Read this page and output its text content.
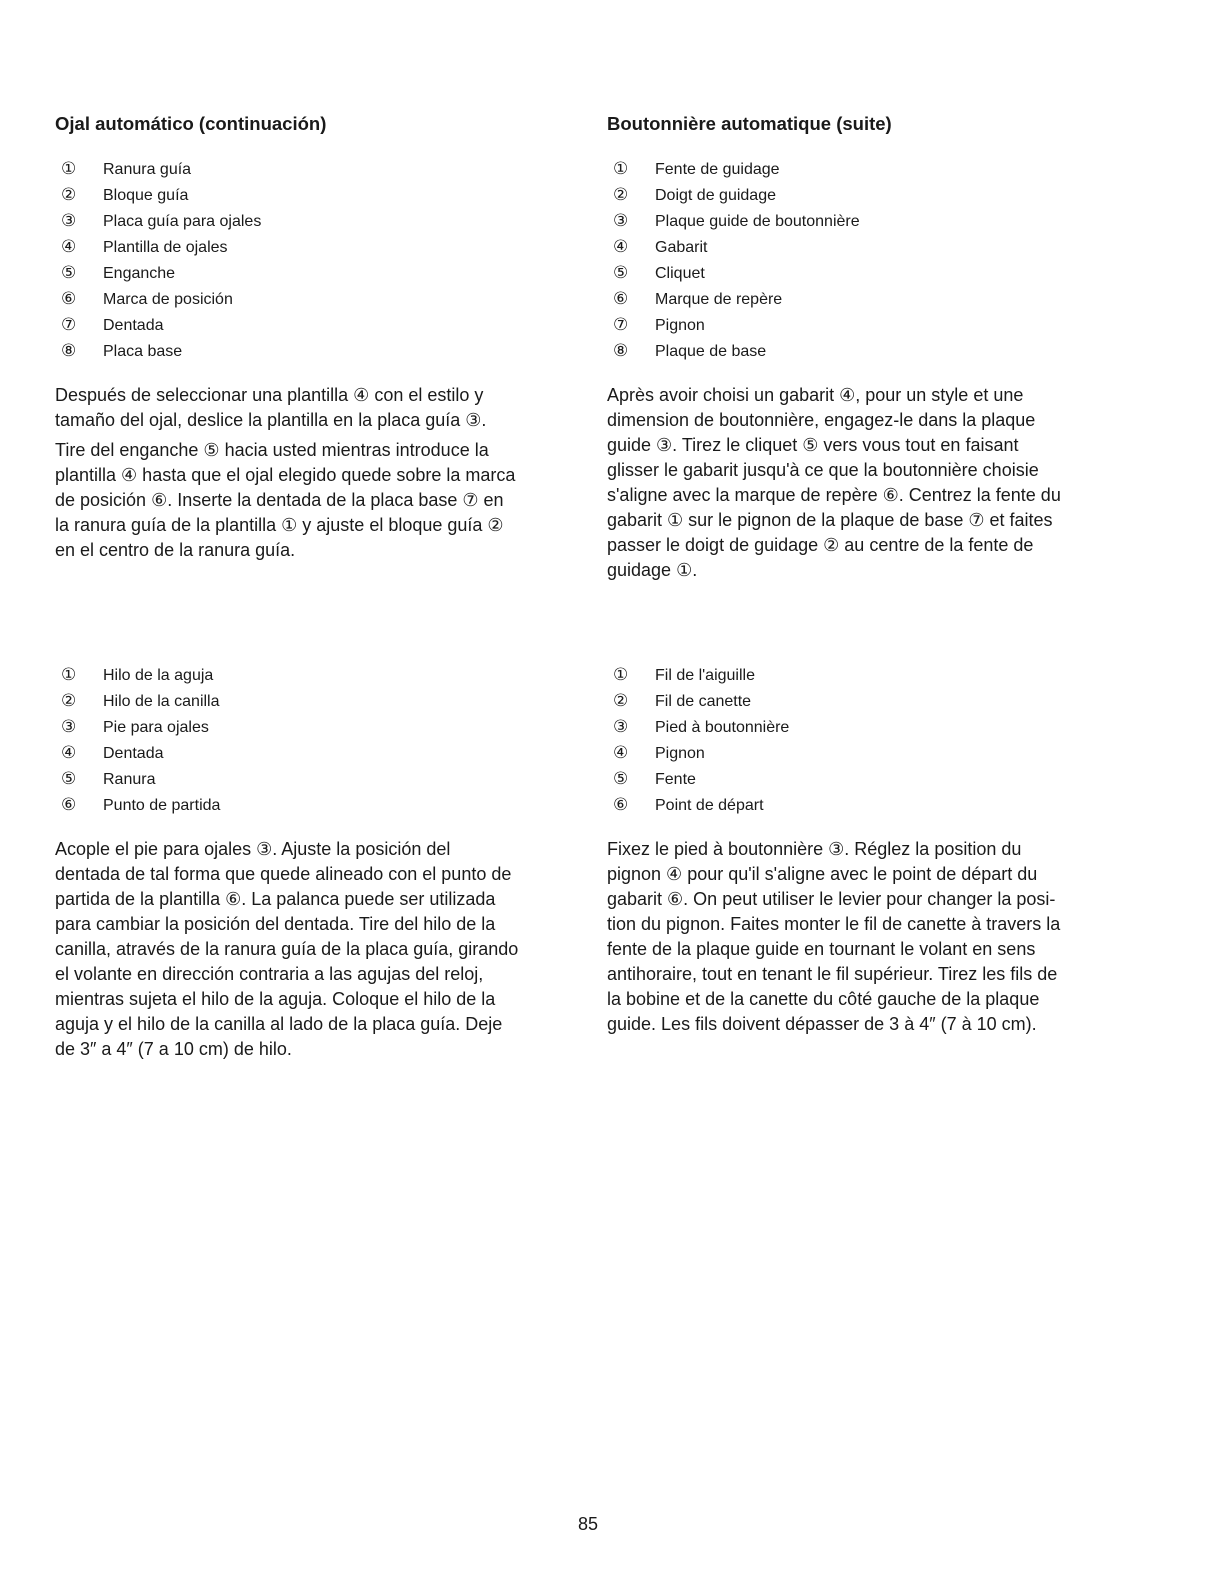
Ojal automático (continuación)	Boutonnière automatique (suite)
① Ranura guía
② Bloque guía
③ Placa guía para ojales
④ Plantilla de ojales
⑤ Enganche
⑥ Marca de posición
⑦ Dentada
⑧ Placa base
① Fente de guidage
② Doigt de guidage
③ Plaque guide de boutonnière
④ Gabarit
⑤ Cliquet
⑥ Marque de repère
⑦ Pignon
⑧ Plaque de base
Después de seleccionar una plantilla ④ con el estilo y
tamaño del ojal, deslice la plantilla en la placa guía ③.
Tire del enganche ⑤ hacia usted mientras introduce la
plantilla ④ hasta que el ojal elegido quede sobre la marca
de posición ⑥. Inserte la dentada de la placa base ⑦ en
la ranura guía de la plantilla ① y ajuste el bloque guía ②
en el centro de la ranura guía.
Après avoir choisi un gabarit ④, pour un style et une
dimension de boutonnière, engagez-le dans la plaque
guide ③. Tirez le cliquet ⑤ vers vous tout en faisant
glisser le gabarit jusqu'à ce que la boutonnière choisie
s'aligne avec la marque de repère ⑥. Centrez la fente du
gabarit ① sur le pignon de la plaque de base ⑦ et faites
passer le doigt de guidage ② au centre de la fente de
guidage ①.
① Hilo de la aguja
② Hilo de la canilla
③ Pie para ojales
④ Dentada
⑤ Ranura
⑥ Punto de partida
① Fil de l'aiguille
② Fil de canette
③ Pied à boutonnière
④ Pignon
⑤ Fente
⑥ Point de départ
Acople el pie para ojales ③. Ajuste la posición del
dentada de tal forma que quede alineado con el punto de
partida de la plantilla ⑥. La palanca puede ser utilizada
para cambiar la posición del dentada. Tire del hilo de la
canilla, através de la ranura guía de la placa guía, girando
el volante en dirección contraria a las agujas del reloj,
mientras sujeta el hilo de la aguja. Coloque el hilo de la
aguja y el hilo de la canilla al lado de la placa guía. Deje
de 3″ a 4″ (7 a 10 cm) de hilo.
Fixez le pied à boutonnière ③. Réglez la position du
pignon ④ pour qu'il s'aligne avec le point de départ du
gabarit ⑥. On peut utiliser le levier pour changer la posi-
tion du pignon. Faites monter le fil de canette à travers la
fente de la plaque guide en tournant le volant en sens
antihoraire, tout en tenant le fil supérieur. Tirez les fils de
la bobine et de la canette du côté gauche de la plaque
guide. Les fils doivent dépasser de 3 à 4″ (7 à 10 cm).
85
